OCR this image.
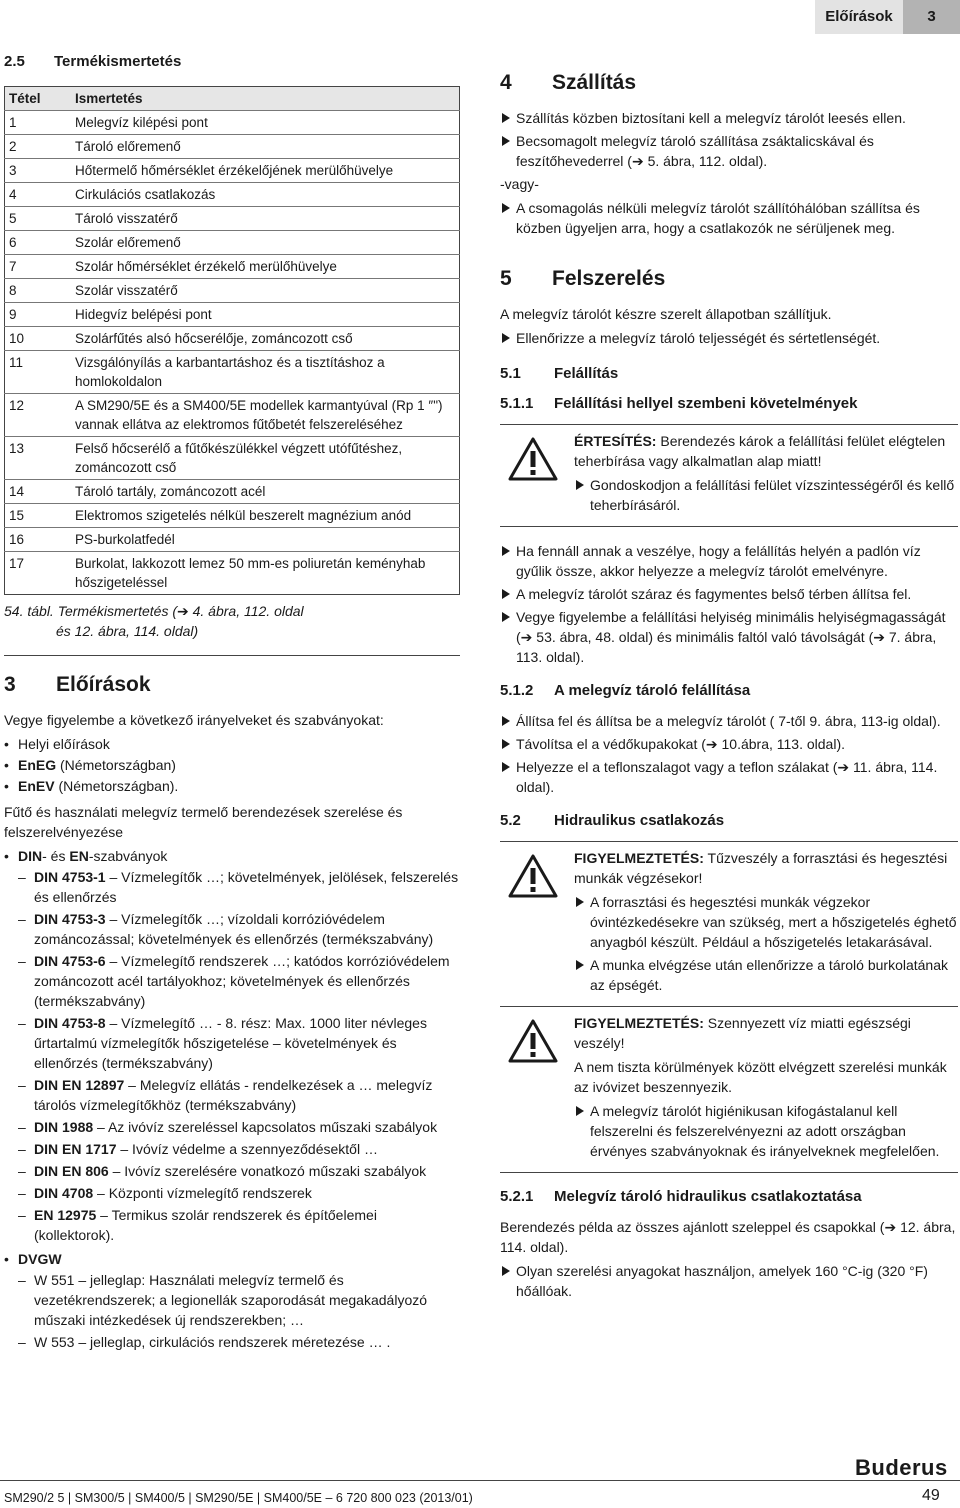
Előírások	3
2.5 Termékismertetés
Tétel	Ismertetés
1	Melegvíz kilépési pont
2	Tároló előremenő
3	Hőtermelő hőmérséklet érzékelőjének merülőhüvelye
4	Cirkulációs csatlakozás
5	Tároló visszatérő
6	Szolár előremenő
7	Szolár hőmérséklet érzékelő merülőhüvelye
8	Szolár visszatérő
9	Hidegvíz belépési pont
10	Szolárfűtés alsó hőcserélője, zománcozott cső
11	Vizsgálónyílás a karbantartáshoz és a tisztításhoz a homlokoldalon
12	A SM290/5E és a SM400/5E modellek karmantyúval (Rp 1 ″") vannak ellátva az elektromos fűtőbetét felszereléséhez
13	Felső hőcserélő a fűtőkészülékkel végzett utófűtéshez, zománcozott cső
14	Tároló tartály, zománcozott acél
15	Elektromos szigetelés nélkül beszerelt magnézium anód
16	PS-burkolatfedél
17	Burkolat, lakkozott lemez 50 mm-es poliuretán keményhab hőszigeteléssel
54. tábl. Termékismertetés (➔ 4. ábra, 112. oldal
és 12. ábra, 114. oldal)
3 Előírások

Vegye figyelembe a következő irányelveket és szabványokat:

• Helyi előírások
• EnEG (Németországban)
• EnEV (Németországban).

Fűtő és használati melegvíz termelő berendezések szerelése és felszerelvényezése

• DIN- és EN-szabványok
– DIN 4753-1 – Vízmelegítők …; követelmények, jelölések, felszerelés és ellenőrzés
– DIN 4753-3 – Vízmelegítők …; vízoldali korrózióvédelem zománcozással; követelmények és ellenőrzés (termékszabvány)
– DIN 4753-6 – Vízmelegítő rendszerek …; katódos korrózióvédelem zománcozott acél tartályokhoz; követelmények és ellenőrzés (termékszabvány)
– DIN 4753-8 – Vízmelegítő … - 8. rész: Max. 1000 liter névleges űrtartalmú vízmelegítők hőszigetelése – követelmények és ellenőrzés (termékszabvány)
– DIN EN 12897 – Melegvíz ellátás - rendelkezések a … melegvíz tárolós vízmelegítőkhöz (termékszabvány)
– DIN 1988 – Az ivóvíz szereléssel kapcsolatos műszaki szabályok
– DIN EN 1717 – Ivóvíz védelme a szennyeződésektől …
– DIN EN 806 – Ivóvíz szerelésére vonatkozó műszaki szabályok
– DIN 4708 – Központi vízmelegítő rendszerek
– EN 12975 – Termikus szolár rendszerek és építőelemei (kollektorok).
• DVGW
– W 551 – jelleglap: Használati melegvíz termelő és vezetékrendszerek; a legionellák szaporodását megakadályozó műszaki intézkedések új rendszerekben; …
– W 553 – jelleglap, cirkulációs rendszerek méretezése … .
4 Szállítás
Szállítás közben biztosítani kell a melegvíz tárolót leesés ellen.
Becsomagolt melegvíz tároló szállítása zsáktalicskával és feszítőhevederrel (➔ 5. ábra, 112. oldal).

-vagy-

A csomagolás nélküli melegvíz tárolót szállítóhálóban szállítsa és közben ügyeljen arra, hogy a csatlakozók ne sérüljenek meg.
5 Felszerelés

A melegvíz tárolót készre szerelt állapotban szállítjuk.

Ellenőrizze a melegvíz tároló teljességét és sértetlenségét.
5.1 Felállítás
5.1.1 Felállítási hellyel szembeni követelmények

ÉRTESÍTÉS: Berendezés károk a felállítási felület elégtelen teherbírása vagy alkalmatlan alap miatt!

Gondoskodjon a felállítási felület vízszintességéről és kellő teherbírásáról.
Ha fennáll annak a veszélye, hogy a felállítás helyén a padlón víz gyűlik össze, akkor helyezze a melegvíz tárolót emelvényre.
A melegvíz tárolót száraz és fagymentes belső térben állítsa fel.
Vegye figyelembe a felállítási helyiség minimális helyiségmagasságát (➔ 53. ábra, 48. oldal) és minimális faltól való távolságát (➔ 7. ábra, 113. oldal).
5.1.2 A melegvíz tároló felállítása
Állítsa fel és állítsa be a melegvíz tárolót ( 7-től 9. ábra, 113-ig oldal).
Távolítsa el a védőkupakokat (➔ 10.ábra, 113. oldal).
Helyezze el a teflonszalagot vagy a teflon szálakat (➔ 11. ábra, 114. oldal).
5.2 Hidraulikus csatlakozás

FIGYELMEZTETÉS: Tűzveszély a forrasztási és hegesztési munkák végzésekor!

A forrasztási és hegesztési munkák végzekor óvintézkedésekre van szükség, mert a hőszigetelés éghető anyagból készült. Például a hőszigetelés letakarásával.
A munka elvégzése után ellenőrizze a tároló burkolatának az épségét.

FIGYELMEZTETÉS: Szennyezett víz miatti egészségi veszély!

A nem tiszta körülmények között elvégzett szerelési munkák az ivóvizet beszennyezik.

A melegvíz tárolót higiénikusan kifogástalanul kell felszerelni és felszerelvényezni az adott országban érvényes szabványoknak és irányelveknek megfelelően.
5.2.1 Melegvíz tároló hidraulikus csatlakoztatása

Berendezés példa az összes ajánlott szeleppel és csapokkal (➔ 12. ábra, 114. oldal).

Olyan szerelési anyagokat használjon, amelyek 160 °C-ig (320 °F) hőállóak.
Buderus
SM290/2 5 | SM300/5 | SM400/5 | SM290/5E | SM400/5E – 6 720 800 023 (2013/01)	49
